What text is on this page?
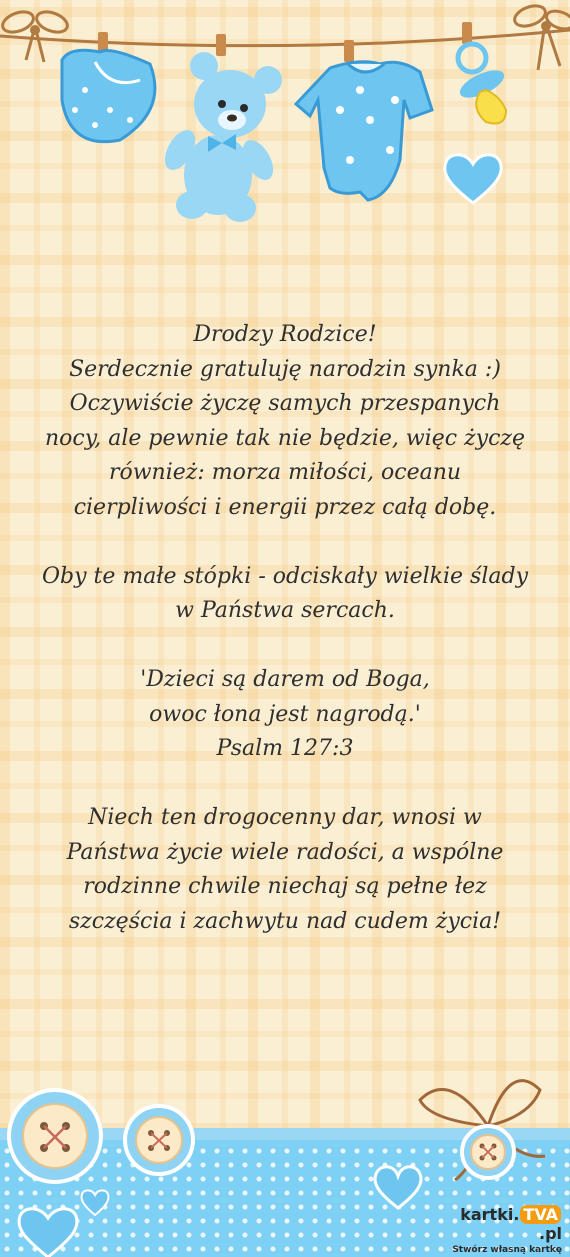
Drodzy Rodzice!

Serdecznie gratuluję narodzin synka :)

Oczywiście życzę samych przespanych

nocy, ale pewnie tak nie będzie, więc życzę

również: morza miłości, oceanu

cierpliwości i energii przez całą dobę.

Oby te małe stópki - odciskały wielkie ślady

w Państwa sercach.

'Dzieci są darem od Boga,

owoc łona jest nagrodą.'

Psalm 127:3

Niech ten drogocenny dar, wnosi w

Państwa życie wiele radości, a wspólne

rodzinne chwile niechaj są pełne łez

szczęścia i zachwytu nad cudem życia!

kartki. TVA.pl
Stwórz własną kartkę
